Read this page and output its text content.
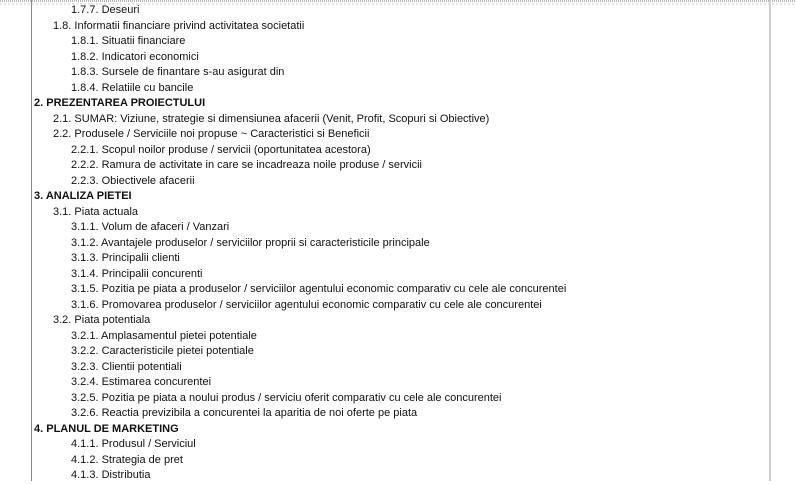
1.7.7. Deseuri
1.8. Informatii financiare privind activitatea societatii
1.8.1. Situatii financiare
1.8.2. Indicatori economici
1.8.3. Sursele de finantare s-au asigurat din
1.8.4. Relatiile cu bancile
2. PREZENTAREA PROIECTULUI
2.1. SUMAR: Viziune, strategie si dimensiunea afacerii (Venit, Profit, Scopuri si Obiective)
2.2. Produsele / Serviciile noi propuse ~ Caracteristici si Beneficii
2.2.1. Scopul noilor produse / servicii (oportunitatea acestora)
2.2.2. Ramura de activitate in care se incadreaza noile produse / servicii
2.2.3. Obiectivele afacerii
3. ANALIZA PIETEI
3.1. Piata actuala
3.1.1. Volum de afaceri / Vanzari
3.1.2. Avantajele produselor / serviciilor proprii si caracteristicile principale
3.1.3. Principalii clienti
3.1.4. Principalii concurenti
3.1.5. Pozitia pe piata a produselor / serviciilor agentului economic comparativ cu cele ale concurentei
3.1.6. Promovarea produselor / serviciilor agentului economic comparativ cu cele ale concurentei
3.2. Piata potentiala
3.2.1. Amplasamentul pietei potentiale
3.2.2. Caracteristicile pietei potentiale
3.2.3. Clientii potentiali
3.2.4. Estimarea concurentei
3.2.5. Pozitia pe piata a noului produs / serviciu oferit comparativ cu cele ale concurentei
3.2.6. Reactia previzibila a concurentei la aparitia de noi oferte pe piata
4. PLANUL DE MARKETING
4.1.1. Produsul / Serviciul
4.1.2. Strategia de pret
4.1.3. Distributia
